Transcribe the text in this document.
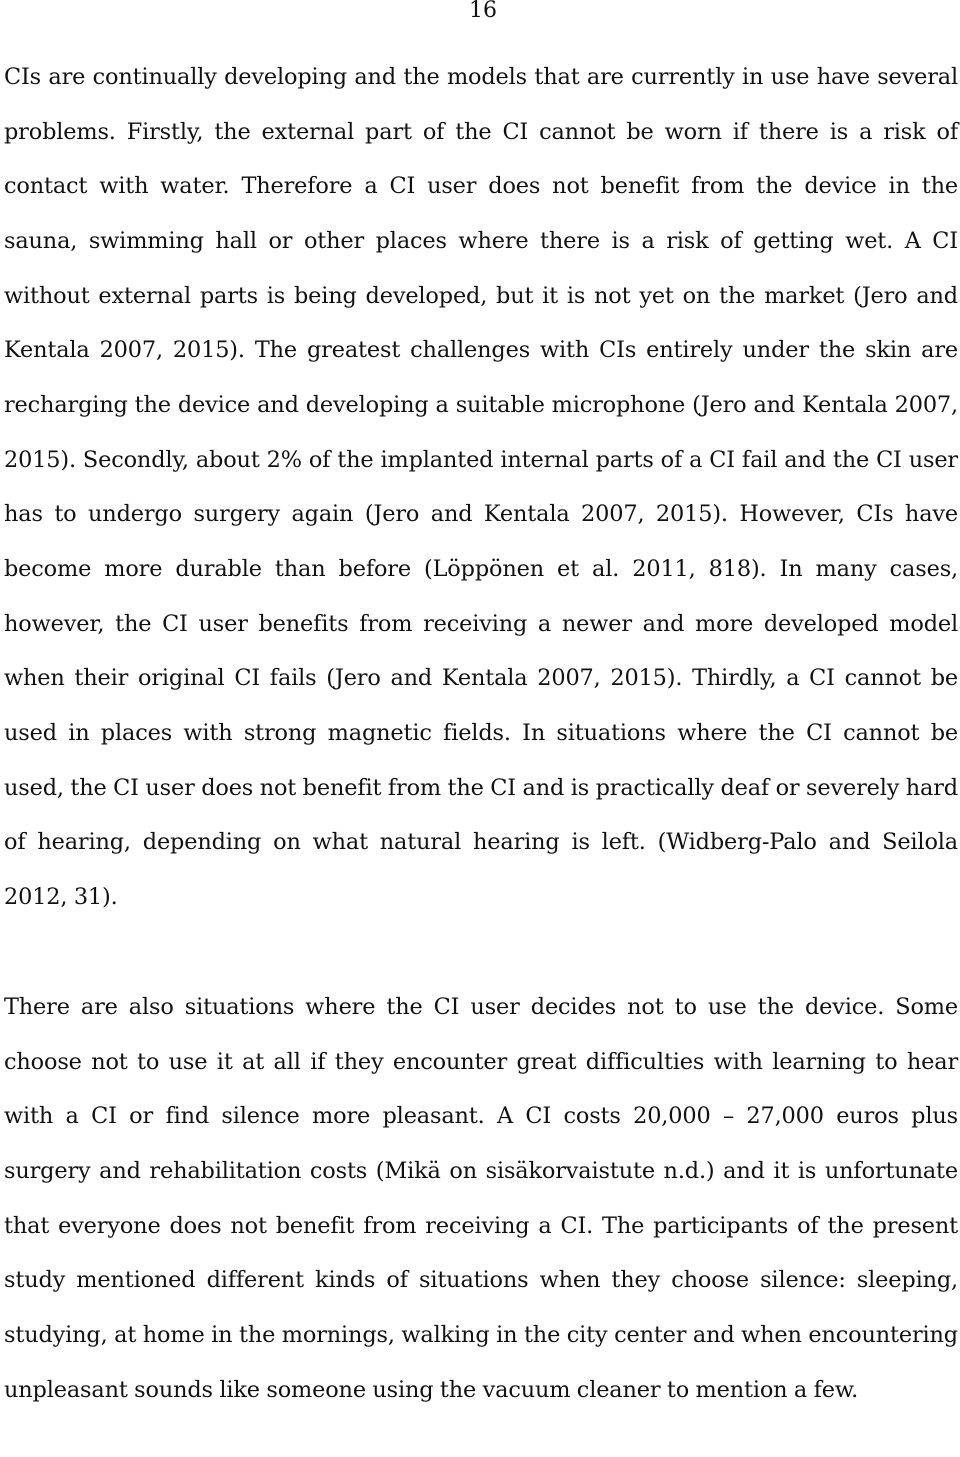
16

CIs are continually developing and the models that are currently in use have several problems. Firstly, the external part of the CI cannot be worn if there is a risk of contact with water. Therefore a CI user does not benefit from the device in the sauna, swimming hall or other places where there is a risk of getting wet. A CI without external parts is being developed, but it is not yet on the market (Jero and Kentala 2007, 2015). The greatest challenges with CIs entirely under the skin are recharging the device and developing a suitable microphone (Jero and Kentala 2007, 2015). Secondly, about 2% of the implanted internal parts of a CI fail and the CI user has to undergo surgery again (Jero and Kentala 2007, 2015). However, CIs have become more durable than before (Löppönen et al. 2011, 818). In many cases, however, the CI user benefits from receiving a newer and more developed model when their original CI fails (Jero and Kentala 2007, 2015). Thirdly, a CI cannot be used in places with strong magnetic fields. In situations where the CI cannot be used, the CI user does not benefit from the CI and is practically deaf or severely hard of hearing, depending on what natural hearing is left. (Widberg-Palo and Seilola 2012, 31).

There are also situations where the CI user decides not to use the device. Some choose not to use it at all if they encounter great difficulties with learning to hear with a CI or find silence more pleasant. A CI costs 20,000 – 27,000 euros plus surgery and rehabilitation costs (Mikä on sisäkorvaistute n.d.) and it is unfortunate that everyone does not benefit from receiving a CI. The participants of the present study mentioned different kinds of situations when they choose silence: sleeping, studying, at home in the mornings, walking in the city center and when encountering unpleasant sounds like someone using the vacuum cleaner to mention a few.
